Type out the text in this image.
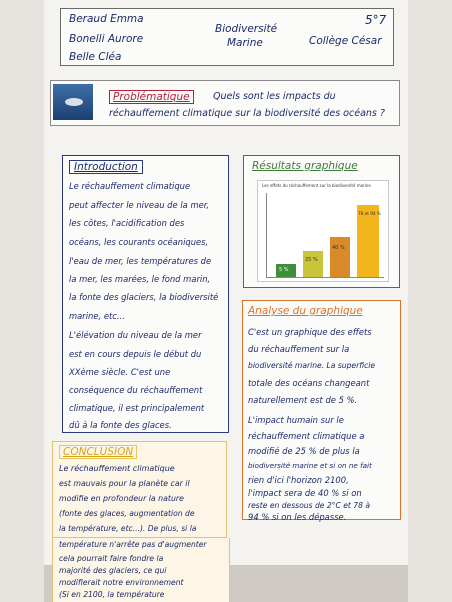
Beraud Emma
Bonelli Aurore
Belle Cléa
Biodiversité
Marine
5°7
Collège César
Problématique	Quels sont les impacts du
réchauffement climatique sur la biodiversité des océans ?
Introduction
Le réchauffement climatique
peut affecter le niveau de la mer,
les côtes, l'acidification des
océans, les courants océaniques,
l'eau de mer, les températures de
la mer, les marées, le fond marin,
la fonte des glaciers, la biodiversité
marine, etc...
L'élévation du niveau de la mer
est en cours depuis le début du
XXème siècle. C'est une
conséquence du réchauffement
climatique, il est principalement
dû à la fonte des glaces.
Résultats graphique
Les effets du réchauffement sur la biodiversité marine
5 %
25 %
40 %
78 et 94 %
Analyse du graphique
C'est un graphique des effets
du réchauffement sur la
biodiversité marine. La superficie
totale des océans changeant
naturellement est de 5 %.
L'impact humain sur le
réchauffement climatique a
modifié de 25 % de plus la
biodiversité marine et si on ne fait
rien d'ici l'horizon 2100,
l'impact sera de 40 % si on
reste en dessous de 2°C et 78 à
94 % si on les dépasse.
CONCLUSION
Le réchauffement climatique
est mauvais pour la planète car il
modifie en profondeur la nature
(fonte des glaces, augmentation de
la température, etc...). De plus, si la
température n'arrête pas d'augmenter
cela pourrait faire fondre la
majorité des glaciers, ce qui
modifierait notre environnement
(Si en 2100, la température
